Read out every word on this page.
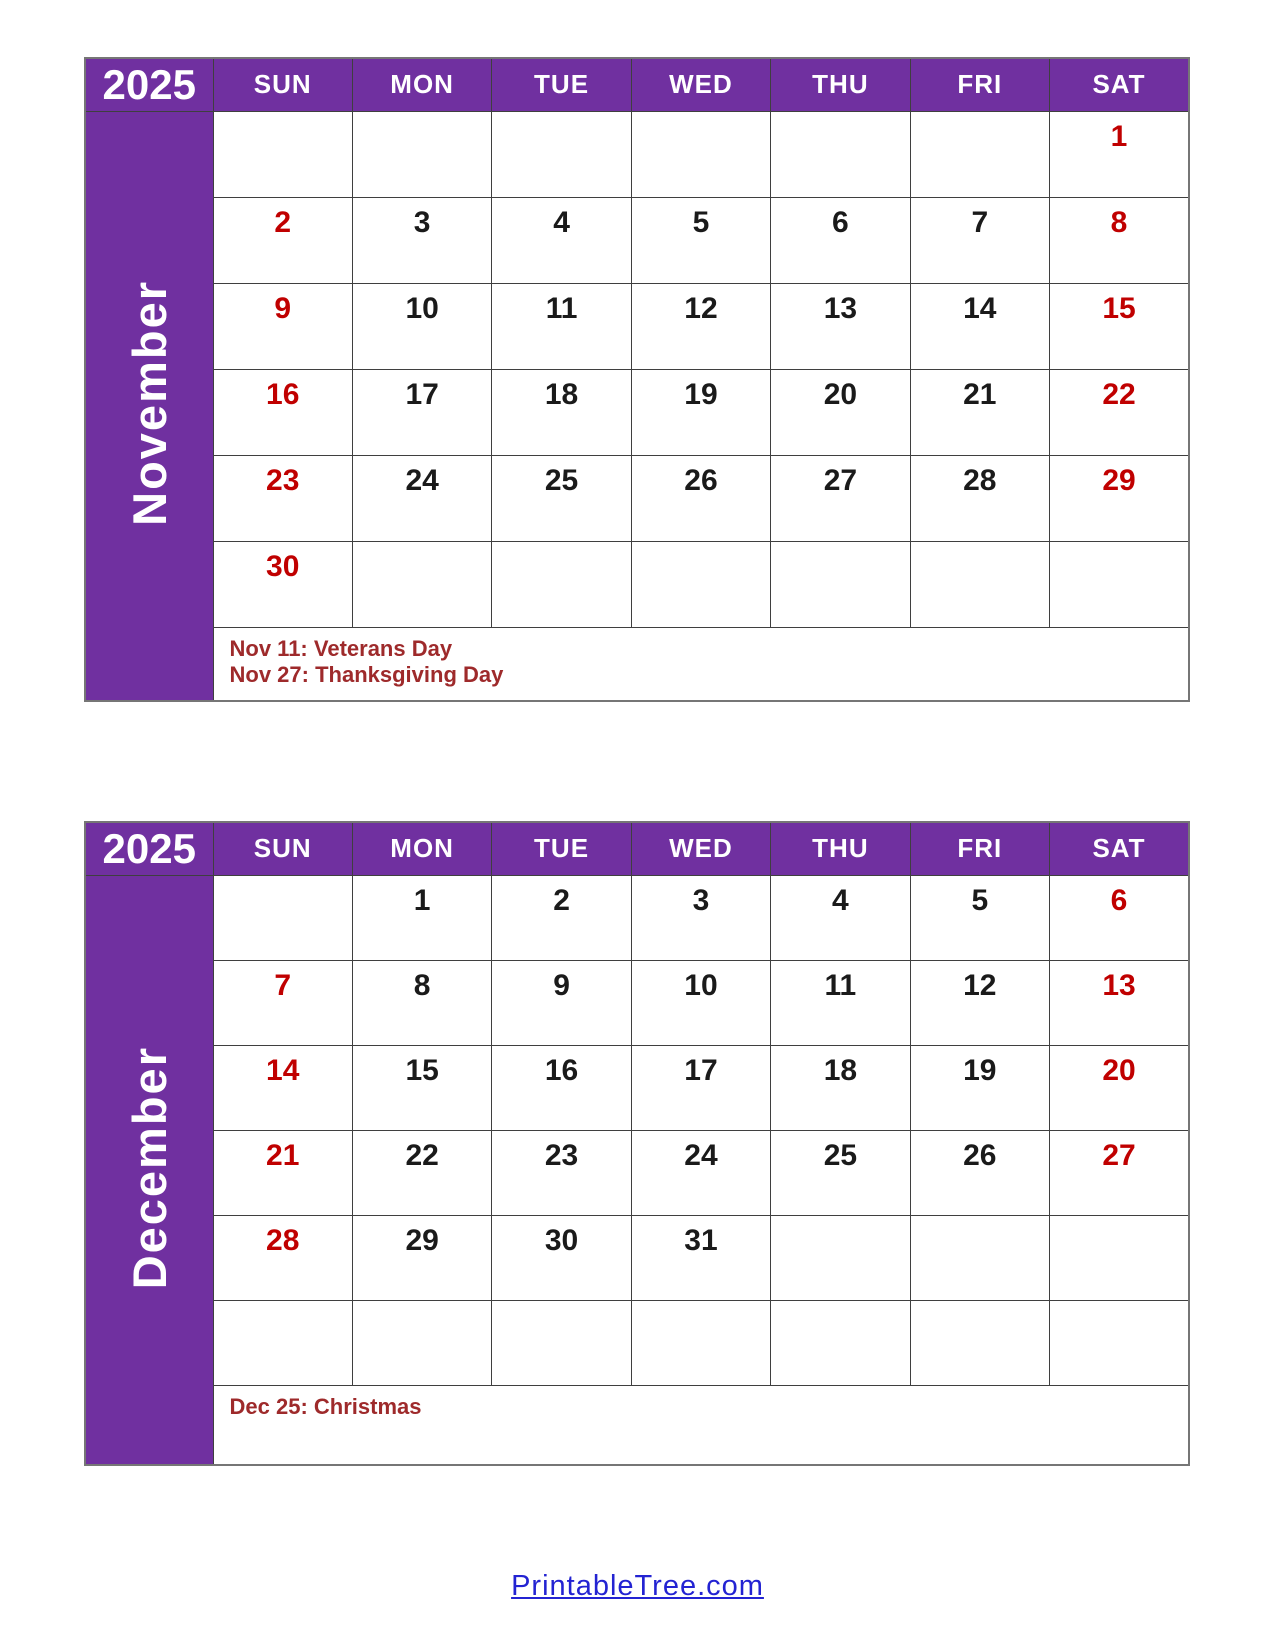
2025	SUN	MON	TUE	WED	THU	FRI	SAT
November							1
	2	3	4	5	6	7	8
	9	10	11	12	13	14	15
	16	17	18	19	20	21	22
	23	24	25	26	27	28	29
	30						

	Nov 11: Veterans Day
Nov 27: Thanksgiving Day						
2025	SUN	MON	TUE	WED	THU	FRI	SAT
December		1	2	3	4	5	6
	7	8	9	10	11	12	13
	14	15	16	17	18	19	20
	21	22	23	24	25	26	27
	28	29	30	31			

	Dec 25: Christmas						
PrintableTree.com
